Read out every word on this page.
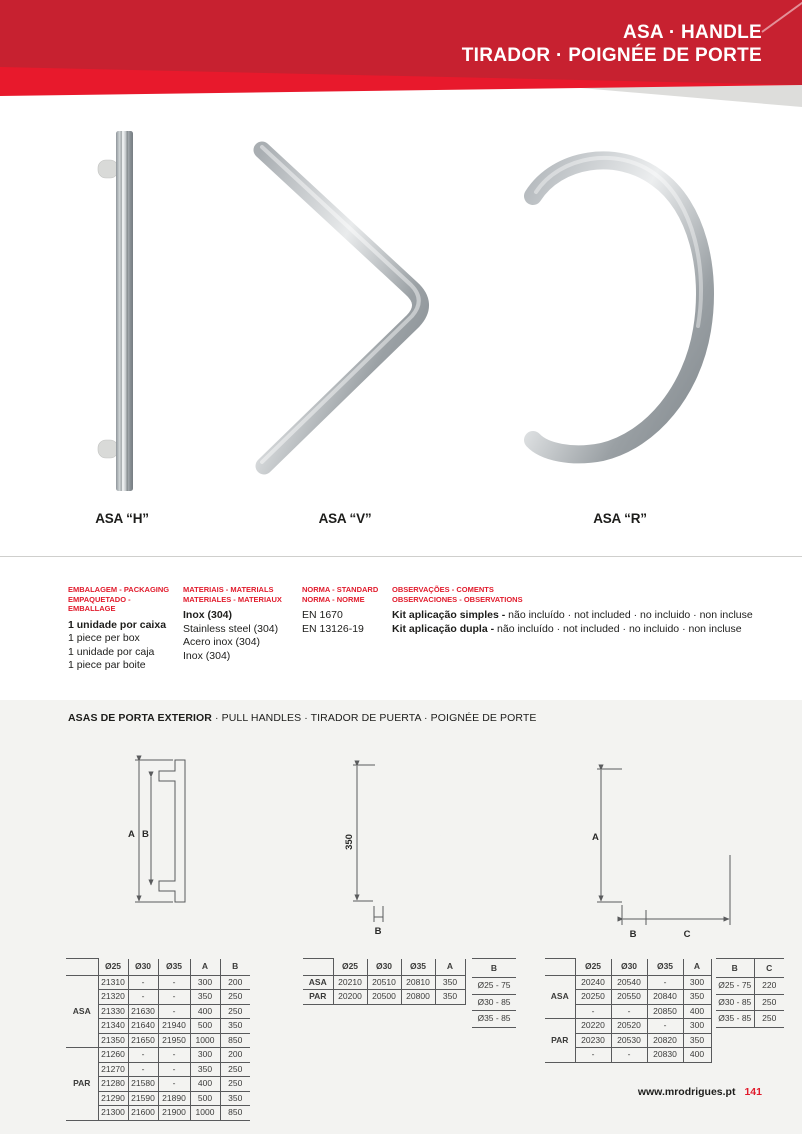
ASA · HANDLE
TIRADOR · POIGNÉE DE PORTE
ASA “H”	ASA “V”	ASA “R”
EMBALAGEM - PACKAGING
EMPAQUETADO - EMBALLAGE
1 unidade por caixa
1 piece per box
1 unidade por caja
1 piece par boite
MATERIAIS - MATERIALS
MATERIALES - MATERIAUX
Inox (304)
Stainless steel (304)
Acero inox (304)
Inox (304)
NORMA - STANDARD
NORMA - NORME
EN 1670
EN 13126-19
OBSERVAÇÕES - COMENTS
OBSERVACIONES - OBSERVATIONS
Kit aplicação simples - não incluído · not included · no incluido · non incluse
Kit aplicação dupla - não incluído · not included · no incluido · non incluse
ASAS DE PORTA EXTERIOR · PULL HANDLES · TIRADOR DE PUERTA · POIGNÉE DE PORTE
A B	350
B
A
B	C
	Ø25	Ø30	Ø35	A	B
ASA	21310	-	-	300	200
	21320	-	-	350	250
	21330	21630	-	400	250
	21340	21640	21940	500	350
	21350	21650	21950	1000	850
PAR	21260	-	-	300	200
	21270	-	-	350	250
	21280	21580	-	400	250
	21290	21590	21890	500	350
	21300	21600	21900	1000	850
	Ø25	Ø30	Ø35	A
ASA	20210	20510	20810	350
PAR	20200	20500	20800	350
B
Ø25 - 75
Ø30 - 85
Ø35 - 85
	Ø25	Ø30	Ø35	A
ASA	20240	20540	-	300
	20250	20550	20840	350
	-	-	20850	400
PAR	20220	20520	-	300
	20230	20530	20820	350
	-	-	20830	400
B	C
Ø25 - 75	220
Ø30 - 85	250
Ø35 - 85	250
www.mrodrigues.pt 141
